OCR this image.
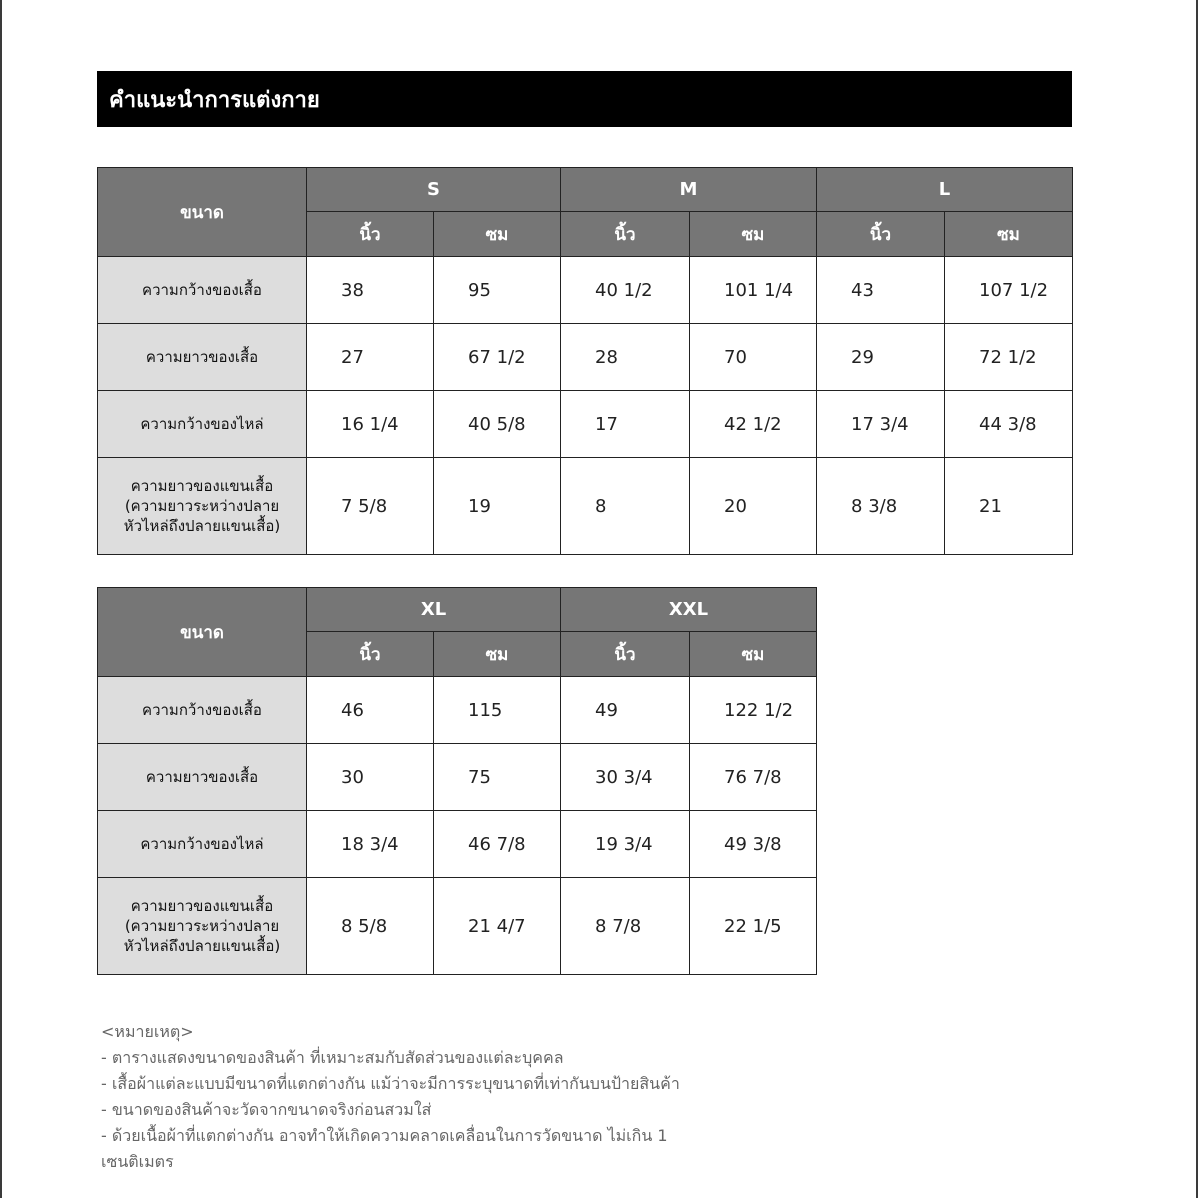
คำแนะนำการแต่งกาย
ขนาด	S		M		L	
	นิ้ว	ซม	นิ้ว	ซม	นิ้ว	ซม
ความกว้างของเสื้อ	38	95	40 1/2	101 1/4	43	107 1/2
ความยาวของเสื้อ	27	67 1/2	28	70	29	72 1/2
ความกว้างของไหล่	16 1/4	40 5/8	17	42 1/2	17 3/4	44 3/8

ความยาวของแขนเสื้อ
(ความยาวระหว่างปลาย
หัวไหล่ถึงปลายแขนเสื้อ)	7 5/8	19	8	20	8 3/8	21
ขนาด	XL		XXL	
	นิ้ว	ซม	นิ้ว	ซม
ความกว้างของเสื้อ	46	115	49	122 1/2
ความยาวของเสื้อ	30	75	30 3/4	76 7/8
ความกว้างของไหล่	18 3/4	46 7/8	19 3/4	49 3/8

ความยาวของแขนเสื้อ
(ความยาวระหว่างปลาย
หัวไหล่ถึงปลายแขนเสื้อ)	8 5/8	21 4/7	8 7/8	22 1/5
<หมายเหตุ>
- ตารางแสดงขนาดของสินค้า ที่เหมาะสมกับสัดส่วนของแต่ละบุคคล
- เสื้อผ้าแต่ละแบบมีขนาดที่แตกต่างกัน แม้ว่าจะมีการระบุขนาดที่เท่ากันบนป้ายสินค้า
- ขนาดของสินค้าจะวัดจากขนาดจริงก่อนสวมใส่
- ด้วยเนื้อผ้าที่แตกต่างกัน อาจทำให้เกิดความคลาดเคลื่อนในการวัดขนาด ไม่เกิน 1
เซนติเมตร
